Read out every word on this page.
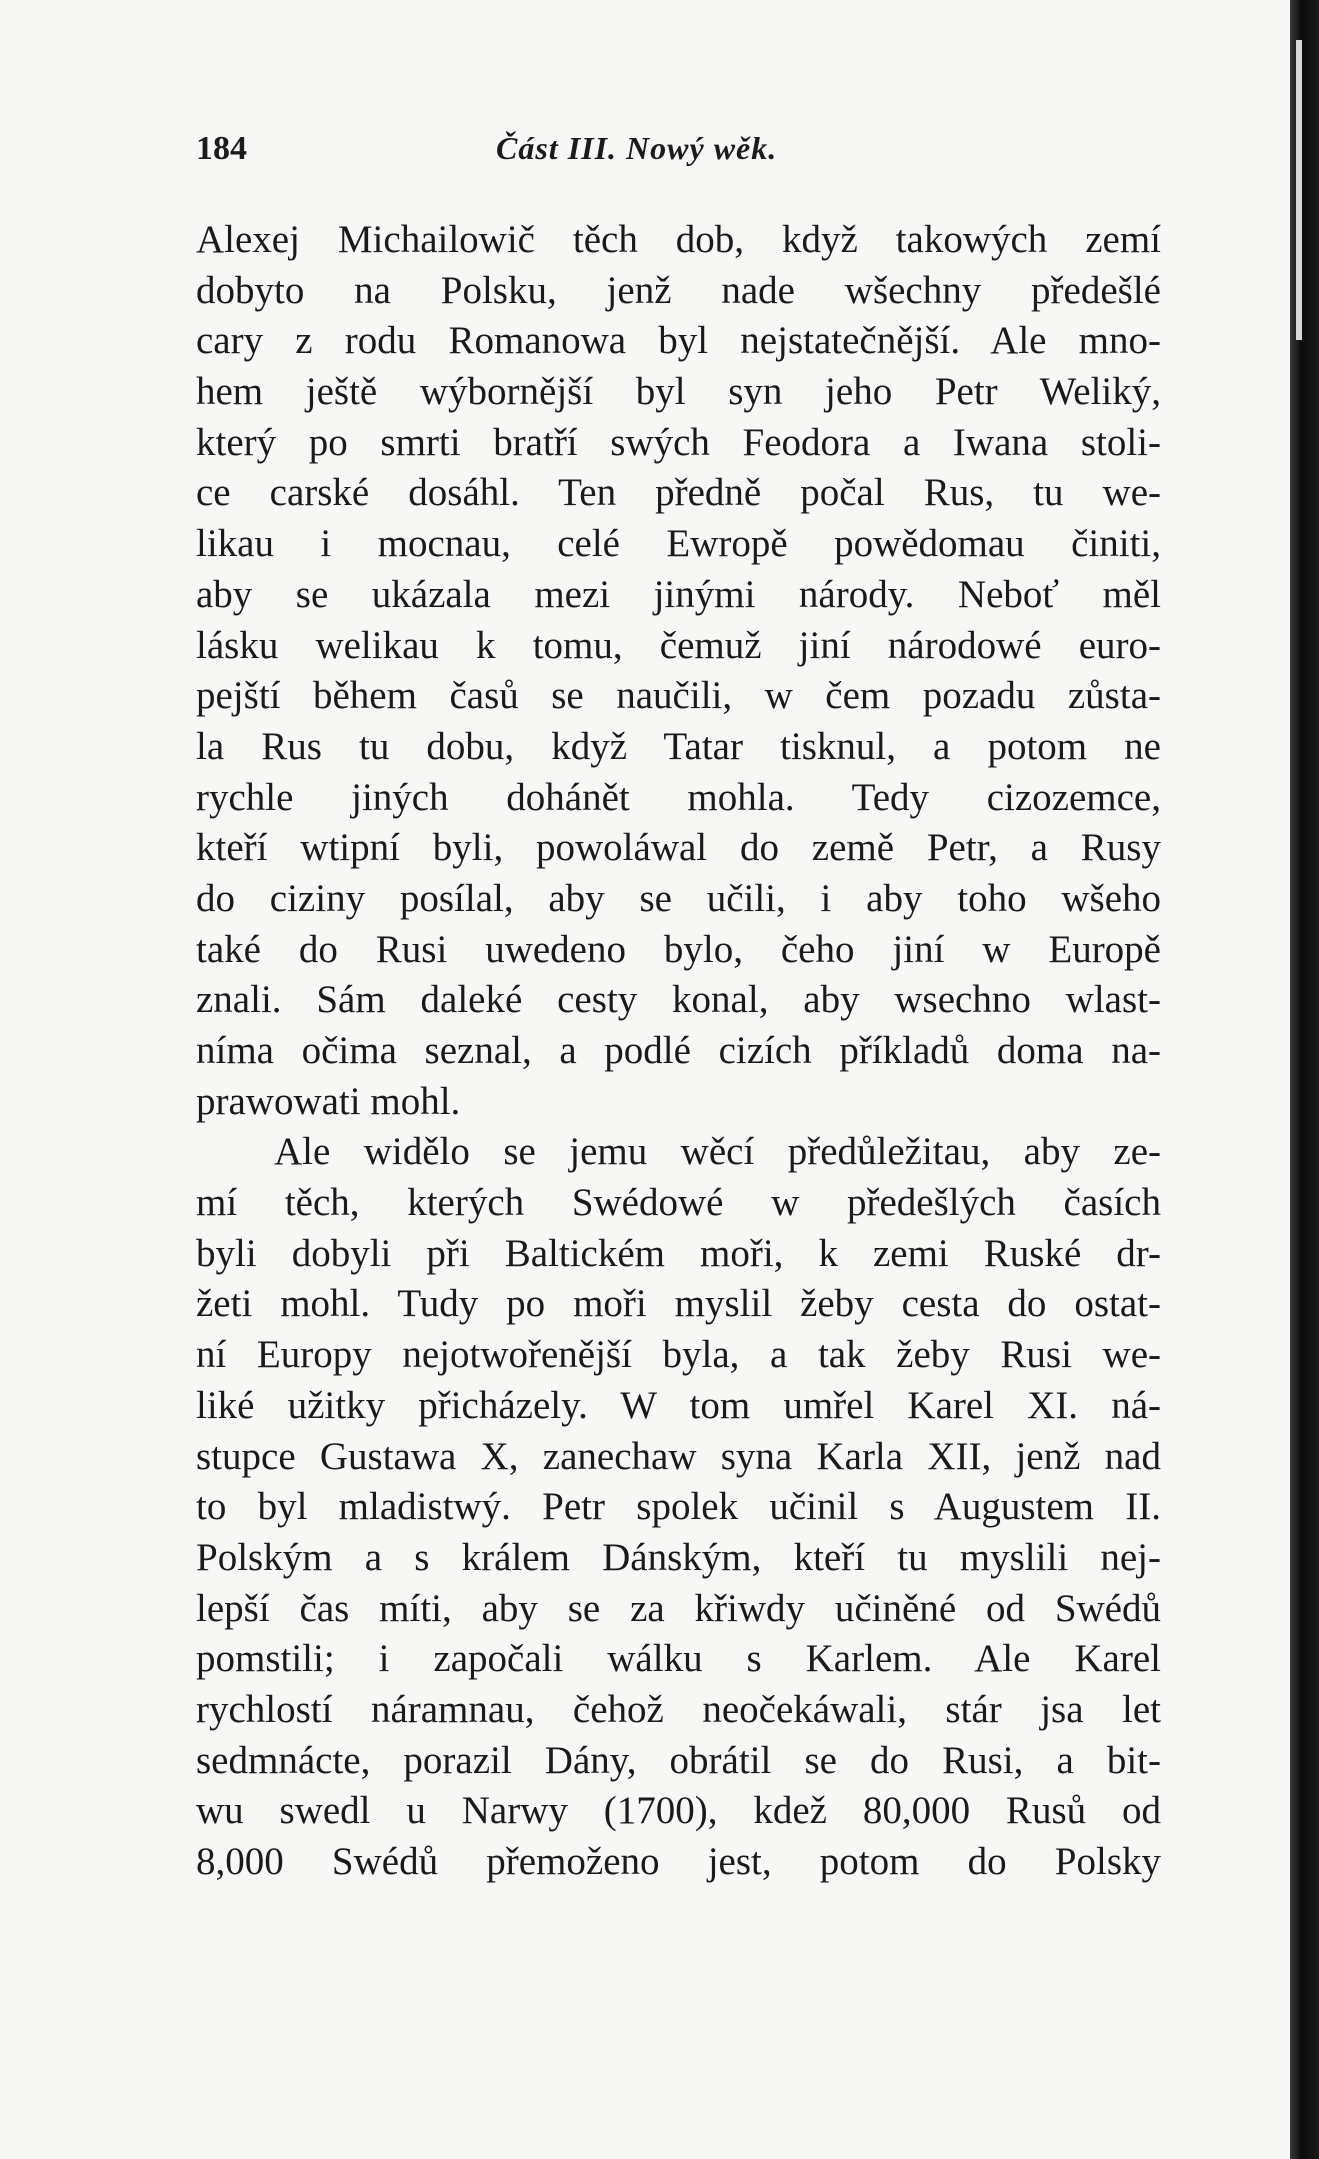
184	Část III. Nowý wěk.
Alexej Michailowič těch dob, když takowých zemí
dobyto na Polsku, jenž nade wšechny předešlé
cary z rodu Romanowa byl nejstatečnější. Ale mno-
hem ještě wýbornější byl syn jeho Petr Weliký,
který po smrti bratří swých Feodora a Iwana stoli-
ce carské dosáhl. Ten předně počal Rus, tu we-
likau i mocnau, celé Ewropě powědomau činiti,
aby se ukázala mezi jinými národy. Neboť měl
lásku welikau k tomu, čemuž jiní národowé euro-
pejští během časů se naučili, w čem pozadu zůsta-
la Rus tu dobu, když Tatar tisknul, a potom ne
rychle jiných dohánět mohla. Tedy cizozemce,
kteří wtipní byli, powoláwal do země Petr, a Rusy
do ciziny posílal, aby se učili, i aby toho wšeho
také do Rusi uwedeno bylo, čeho jiní w Europě
znali. Sám daleké cesty konal, aby wsechno wlast-
níma očima seznal, a podlé cizích příkladů doma na-
prawowati mohl.
Ale widělo se jemu wěcí předůležitau, aby ze-
mí těch, kterých Swédowé w předešlých časích
byli dobyli při Baltickém moři, k zemi Ruské dr-
žeti mohl. Tudy po moři myslil žeby cesta do ostat-
ní Europy nejotwořenější byla, a tak žeby Rusi we-
liké užitky přicházely. W tom umřel Karel XI. ná-
stupce Gustawa X, zanechaw syna Karla XII, jenž nad
to byl mladistwý. Petr spolek učinil s Augustem II.
Polským a s králem Dánským, kteří tu myslili nej-
lepší čas míti, aby se za křiwdy učiněné od Swédů
pomstili; i započali wálku s Karlem. Ale Karel
rychlostí náramnau, čehož neočekáwali, stár jsa let
sedmnácte, porazil Dány, obrátil se do Rusi, a bit-
wu swedl u Narwy (1700), kdež 80,000 Rusů od
8,000 Swédů přemoženo jest, potom do Polsky
